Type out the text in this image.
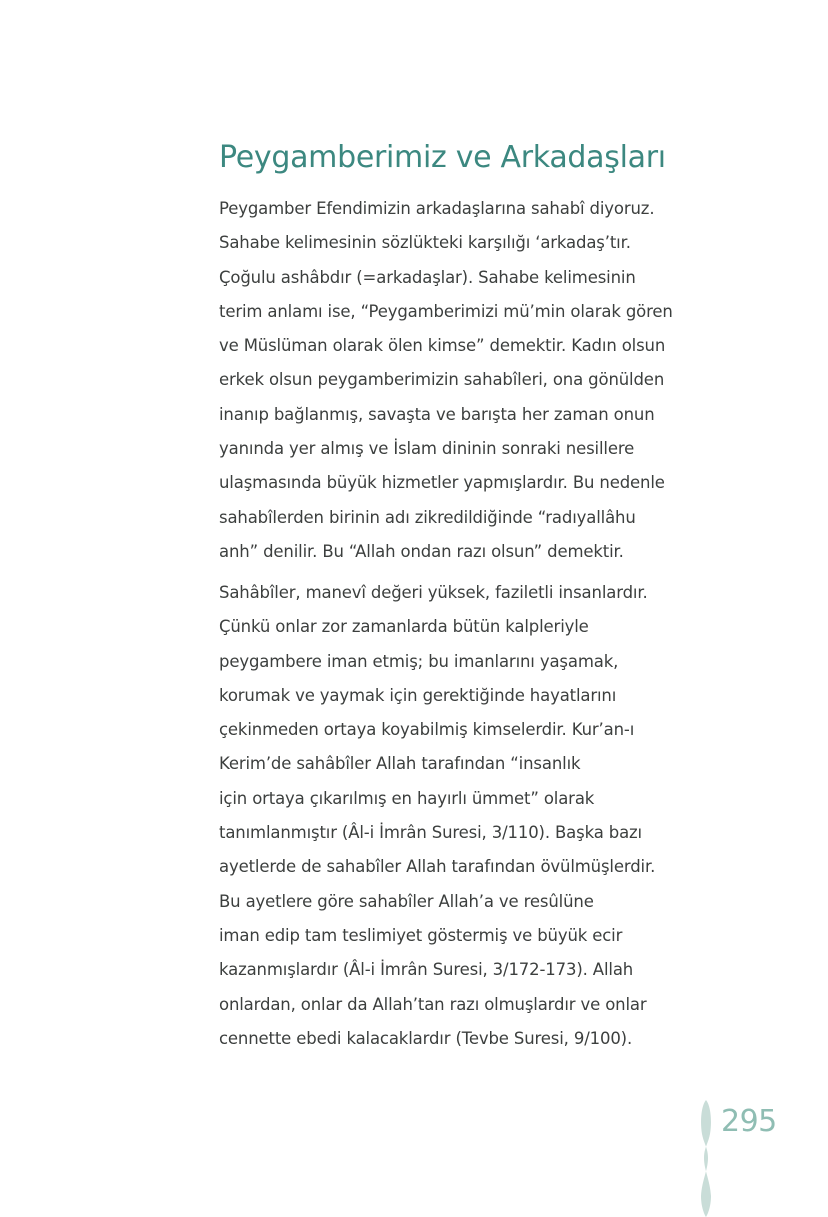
Peygamberimiz ve Arkadaşları
Peygamber Efendimizin arkadaşlarına sahabî diyoruz.
Sahabe kelimesinin sözlükteki karşılığı ‘arkadaş’tır.
Çoğulu ashâbdır (=arkadaşlar). Sahabe kelimesinin
terim anlamı ise, “Peygamberimizi mü’min olarak gören
ve Müslüman olarak ölen kimse” demektir. Kadın olsun
erkek olsun peygamberimizin sahabîleri, ona gönülden
inanıp bağlanmış, savaşta ve barışta her zaman onun
yanında yer almış ve İslam dininin sonraki nesillere
ulaşmasında büyük hizmetler yapmışlardır. Bu nedenle
sahabîlerden birinin adı zikredildiğinde “radıyallâhu
anh” denilir. Bu “Allah ondan razı olsun” demektir.
Sahâbîler, manevî değeri yüksek, faziletli insanlardır.
Çünkü onlar zor zamanlarda bütün kalpleriyle
peygambere iman etmiş; bu imanlarını yaşamak,
korumak ve yaymak için gerektiğinde hayatlarını
çekinmeden ortaya koyabilmiş kimselerdir. Kur’an-ı
Kerim’de sahâbîler Allah tarafından “insanlık
için ortaya çıkarılmış en hayırlı ümmet” olarak
tanımlanmıştır (Âl-i İmrân Suresi, 3/110). Başka bazı
ayetlerde de sahabîler Allah tarafından övülmüşlerdir.
Bu ayetlere göre sahabîler Allah’a ve resûlüne
iman edip tam teslimiyet göstermiş ve büyük ecir
kazanmışlardır (Âl-i İmrân Suresi, 3/172-173). Allah
onlardan, onlar da Allah’tan razı olmuşlardır ve onlar
cennette ebedi kalacaklardır (Tevbe Suresi, 9/100).
295
